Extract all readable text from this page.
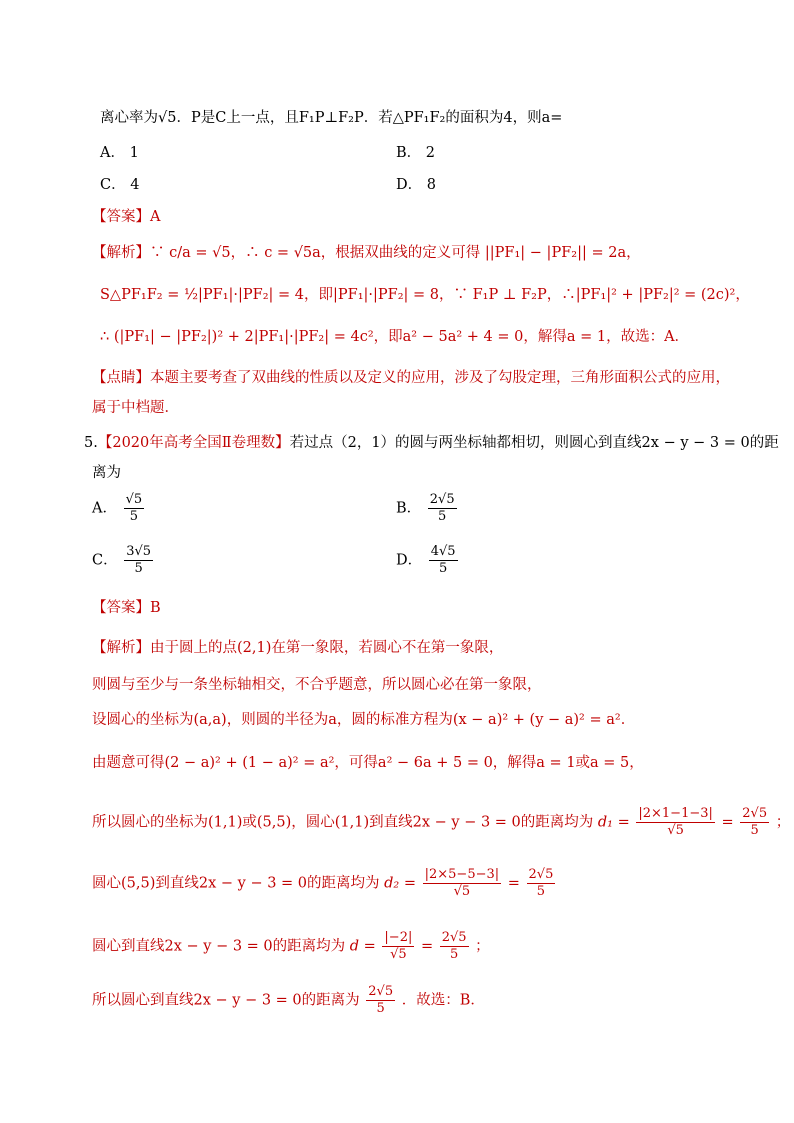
离心率为√5．P是C上一点，且F₁P⊥F₂P．若△PF₁F₂的面积为4，则a=
A． 1	B． 2
C． 4	D． 8
【答案】A
【解析】∵ c/a = √5，∴ c = √5a，根据双曲线的定义可得 ||PF₁| − |PF₂|| = 2a，
S△PF₁F₂ = ½|PF₁|·|PF₂| = 4，即|PF₁|·|PF₂| = 8，∵ F₁P ⊥ F₂P，∴|PF₁|² + |PF₂|² = (2c)²，
∴ (|PF₁| − |PF₂|)² + 2|PF₁|·|PF₂| = 4c²，即a² − 5a² + 4 = 0，解得a = 1，故选：A．
【点睛】本题主要考查了双曲线的性质以及定义的应用，涉及了勾股定理，三角形面积公式的应用，
属于中档题．
5.【2020年高考全国Ⅱ卷理数】若过点（2，1）的圆与两坐标轴都相切，则圆心到直线2x − y − 3 = 0的距
离为
A． $\frac{√5}{5}$	B． $\frac{2√5}{5}$
C． $\frac{3√5}{5}$	D． $\frac{4√5}{5}$
【答案】B
【解析】由于圆上的点(2,1)在第一象限，若圆心不在第一象限，
则圆与至少与一条坐标轴相交，不合乎题意，所以圆心必在第一象限，
设圆心的坐标为(a,a)，则圆的半径为a，圆的标准方程为(x − a)² + (y − a)² = a²．
由题意可得(2 − a)² + (1 − a)² = a²，可得a² − 6a + 5 = 0，解得a = 1或a = 5，
所以圆心的坐标为(1,1)或(5,5)，圆心(1,1)到直线2x − y − 3 = 0的距离均为 $d_1 = \frac{|2\times 1-1-3|}{√5} = \frac{2√5}{5}$ ；
圆心(5,5)到直线2x − y − 3 = 0的距离均为 $d_2 = \frac{|2\times 5-5-3|}{√5} = \frac{2√5}{5}$
圆心到直线2x − y − 3 = 0的距离均为 $d = \frac{|-2|}{√5} = \frac{2√5}{5}$ ；
所以圆心到直线2x − y − 3 = 0的距离为 $\frac{2√5}{5}$ ．故选：B．
